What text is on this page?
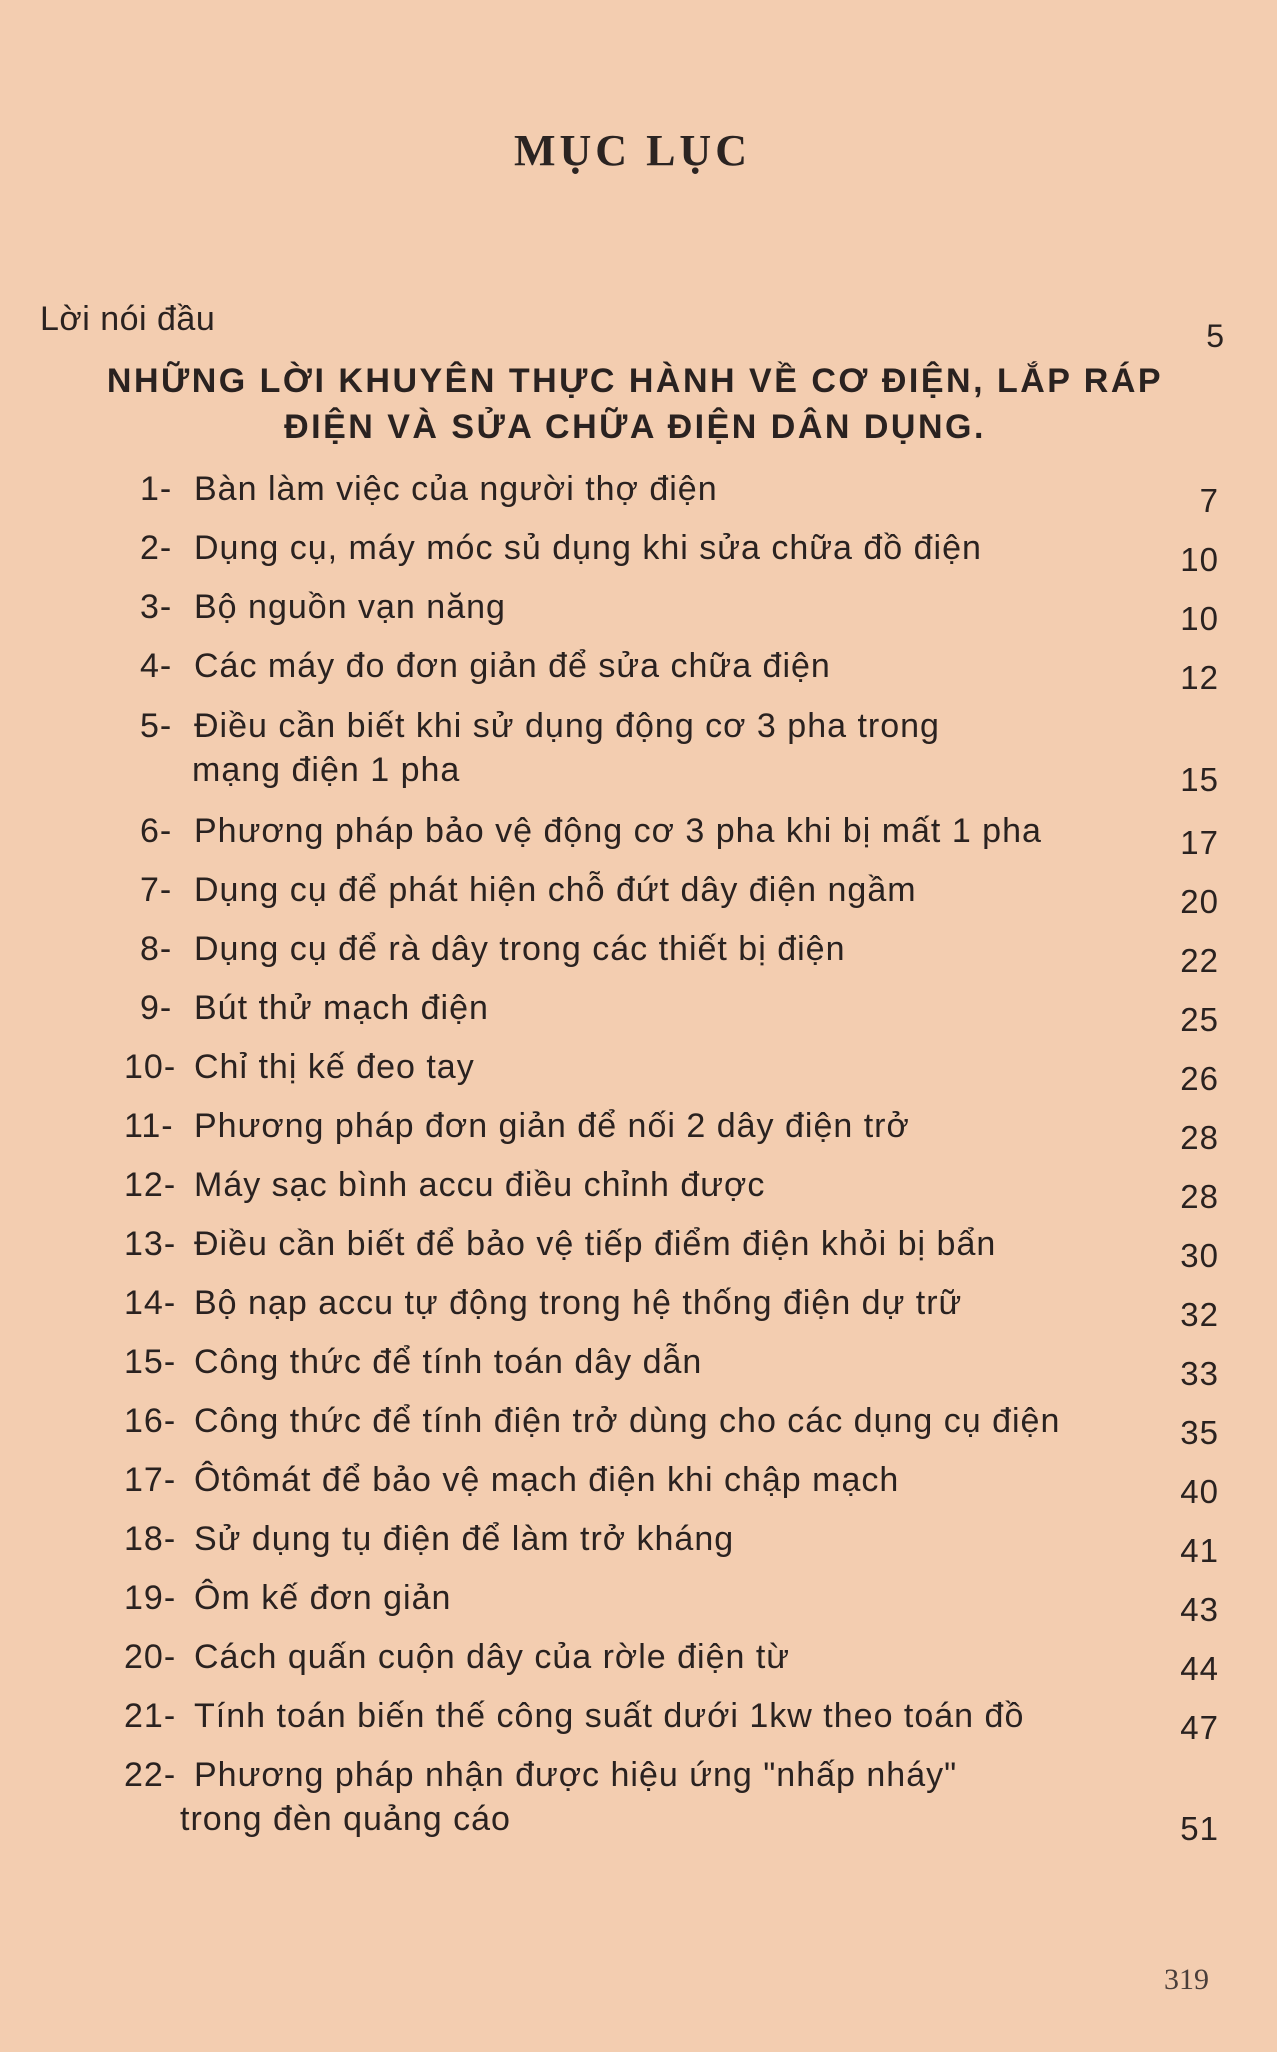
MỤC LỤC
Lời nói đầu	5
NHỮNG LỜI KHUYÊN THỰC HÀNH VỀ CƠ ĐIỆN, LẮP RÁP
ĐIỆN VÀ SỬA CHỮA ĐIỆN DÂN DỤNG.
1- Bàn làm việc của người thợ điện	7
2- Dụng cụ, máy móc sủ dụng khi sửa chữa đồ điện	10
3- Bộ nguồn vạn năng	10
4- Các máy đo đơn giản để sửa chữa điện	12
5- Điều cần biết khi sử dụng động cơ 3 pha trong
mạng điện 1 pha	15
6- Phương pháp bảo vệ động cơ 3 pha khi bị mất 1 pha	17
7- Dụng cụ để phát hiện chỗ đứt dây điện ngầm	20
8- Dụng cụ để rà dây trong các thiết bị điện	22
9- Bút thử mạch điện	25
10- Chỉ thị kế đeo tay	26
11- Phương pháp đơn giản để nối 2 dây điện trở	28
12- Máy sạc bình accu điều chỉnh được	28
13- Điều cần biết để bảo vệ tiếp điểm điện khỏi bị bẩn	30
14- Bộ nạp accu tự động trong hệ thống điện dự trữ	32
15- Công thức để tính toán dây dẫn	33
16- Công thức để tính điện trở dùng cho các dụng cụ điện	35
17- Ôtômát để bảo vệ mạch điện khi chập mạch	40
18- Sử dụng tụ điện để làm trở kháng	41
19- Ôm kế đơn giản	43
20- Cách quấn cuộn dây của rờle điện từ	44
21- Tính toán biến thế công suất dưới 1kw theo toán đồ	47
22- Phương pháp nhận được hiệu ứng "nhấp nháy"
trong đèn quảng cáo	51
319
